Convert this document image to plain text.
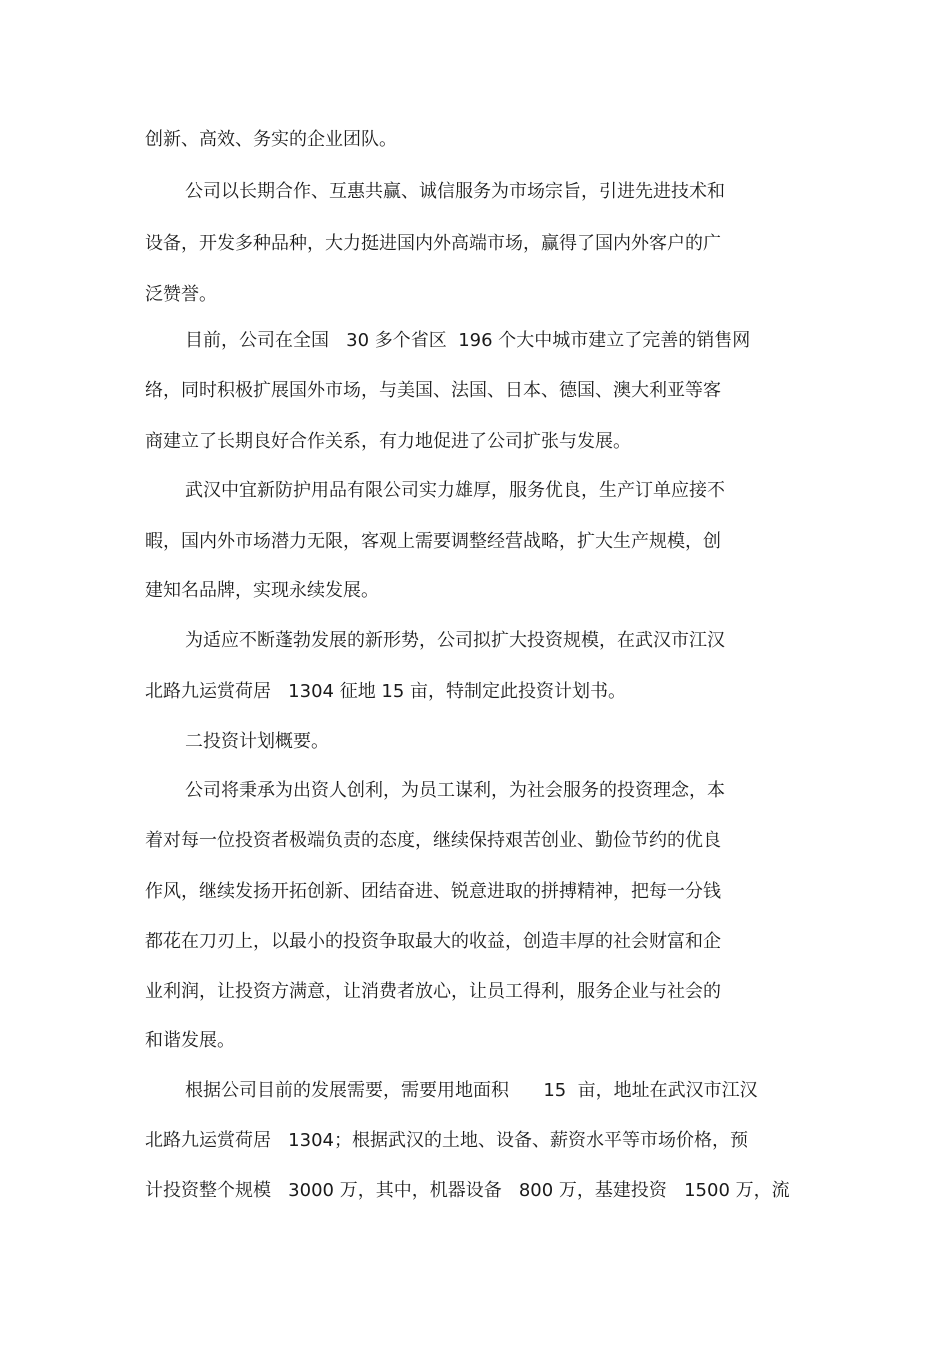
创新、高效、务实的企业团队。
公司以长期合作、互惠共赢、诚信服务为市场宗旨，引进先进技术和
设备，开发多种品种，大力挺进国内外高端市场，赢得了国内外客户的广
泛赞誉。
目前，公司在全国   30 多个省区  196 个大中城市建立了完善的销售网
络，同时积极扩展国外市场，与美国、法国、日本、德国、澳大利亚等客
商建立了长期良好合作关系，有力地促进了公司扩张与发展。
武汉中宜新防护用品有限公司实力雄厚，服务优良，生产订单应接不
暇，国内外市场潜力无限，客观上需要调整经营战略，扩大生产规模，创
建知名品牌，实现永续发展。
为适应不断蓬勃发展的新形势，公司拟扩大投资规模，在武汉市江汉
北路九运赏荷居   1304 征地 15 亩，特制定此投资计划书。
二投资计划概要。
公司将秉承为出资人创利，为员工谋利，为社会服务的投资理念，本
着对每一位投资者极端负责的态度，继续保持艰苦创业、勤俭节约的优良
作风，继续发扬开拓创新、团结奋进、锐意进取的拼搏精神，把每一分钱
都花在刀刃上，以最小的投资争取最大的收益，创造丰厚的社会财富和企
业利润，让投资方满意，让消费者放心，让员工得利，服务企业与社会的
和谐发展。
根据公司目前的发展需要，需要用地面积      15  亩，地址在武汉市江汉
北路九运赏荷居   1304；根据武汉的土地、设备、薪资水平等市场价格，预
计投资整个规模   3000 万，其中，机器设备   800 万，基建投资   1500 万，流
